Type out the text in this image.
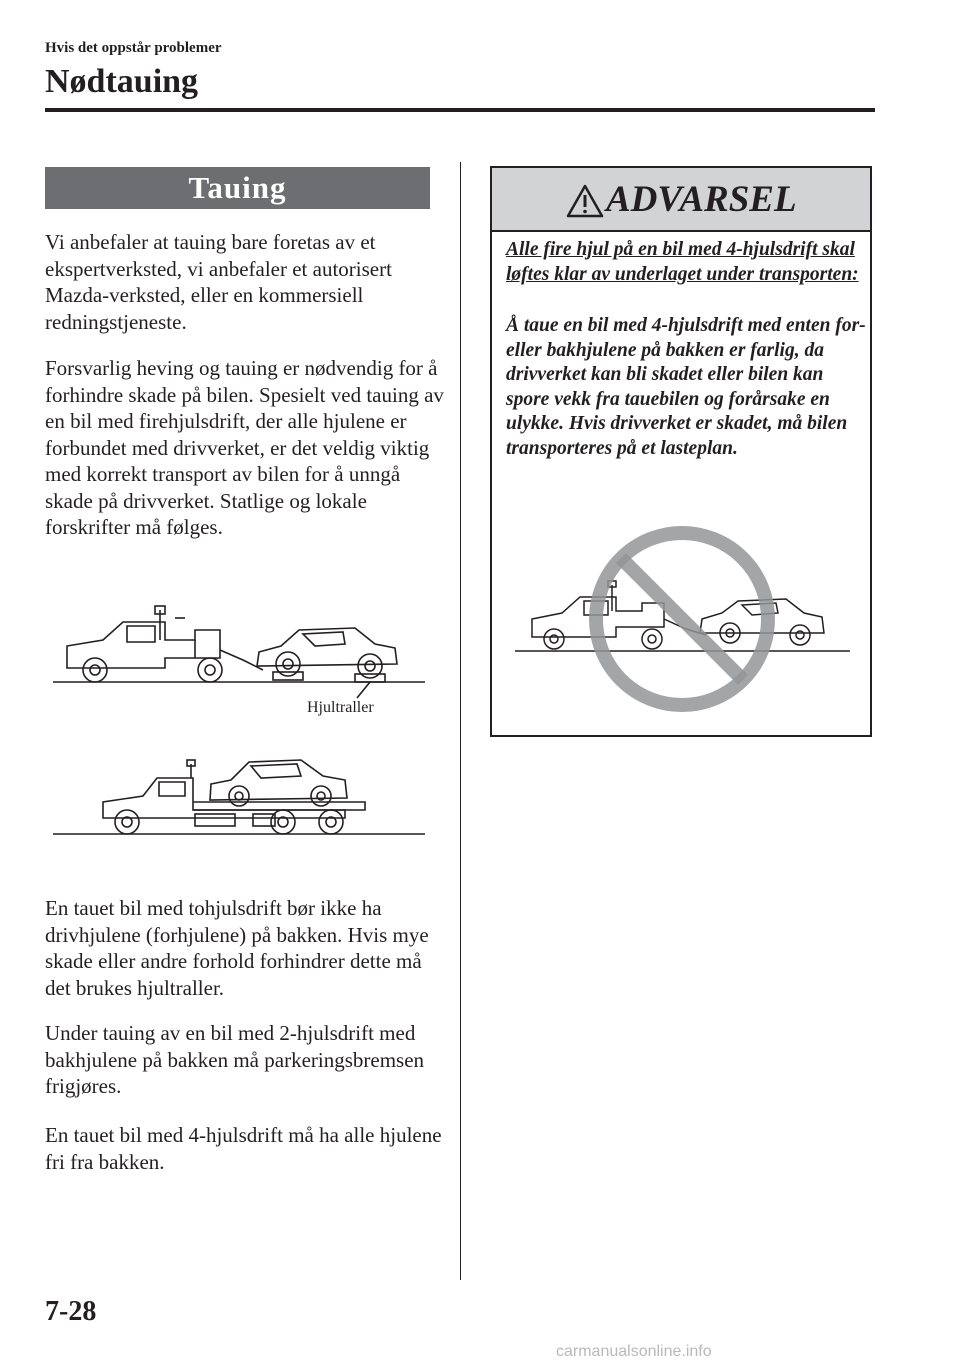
Hvis det oppstår problemer
Nødtauing
Tauing
Vi anbefaler at tauing bare foretas av et ekspertverksted, vi anbefaler et autorisert Mazda-verksted, eller en kommersiell redningstjeneste.
Forsvarlig heving og tauing er nødvendig for å forhindre skade på bilen. Spesielt ved tauing av en bil med firehjulsdrift, der alle hjulene er forbundet med drivverket, er det veldig viktig med korrekt transport av bilen for å unngå skade på drivverket. Statlige og lokale forskrifter må følges.
En tauet bil med tohjulsdrift bør ikke ha drivhjulene (forhjulene) på bakken. Hvis mye skade eller andre forhold forhindrer dette må det brukes hjultraller.
Under tauing av en bil med 2-hjulsdrift med bakhjulene på bakken må parkeringsbremsen frigjøres.
En tauet bil med 4-hjulsdrift må ha alle hjulene fri fra bakken.
Hjultraller
ADVARSEL
Alle fire hjul på en bil med 4-hjulsdrift skal løftes klar av underlaget under transporten:
Å taue en bil med 4-hjulsdrift med enten for- eller bakhjulene på bakken er farlig, da drivverket kan bli skadet eller bilen kan spore vekk fra tauebilen og forårsake en ulykke. Hvis drivverket er skadet, må bilen transporteres på et lasteplan.
7-28
carmanualsonline.info
